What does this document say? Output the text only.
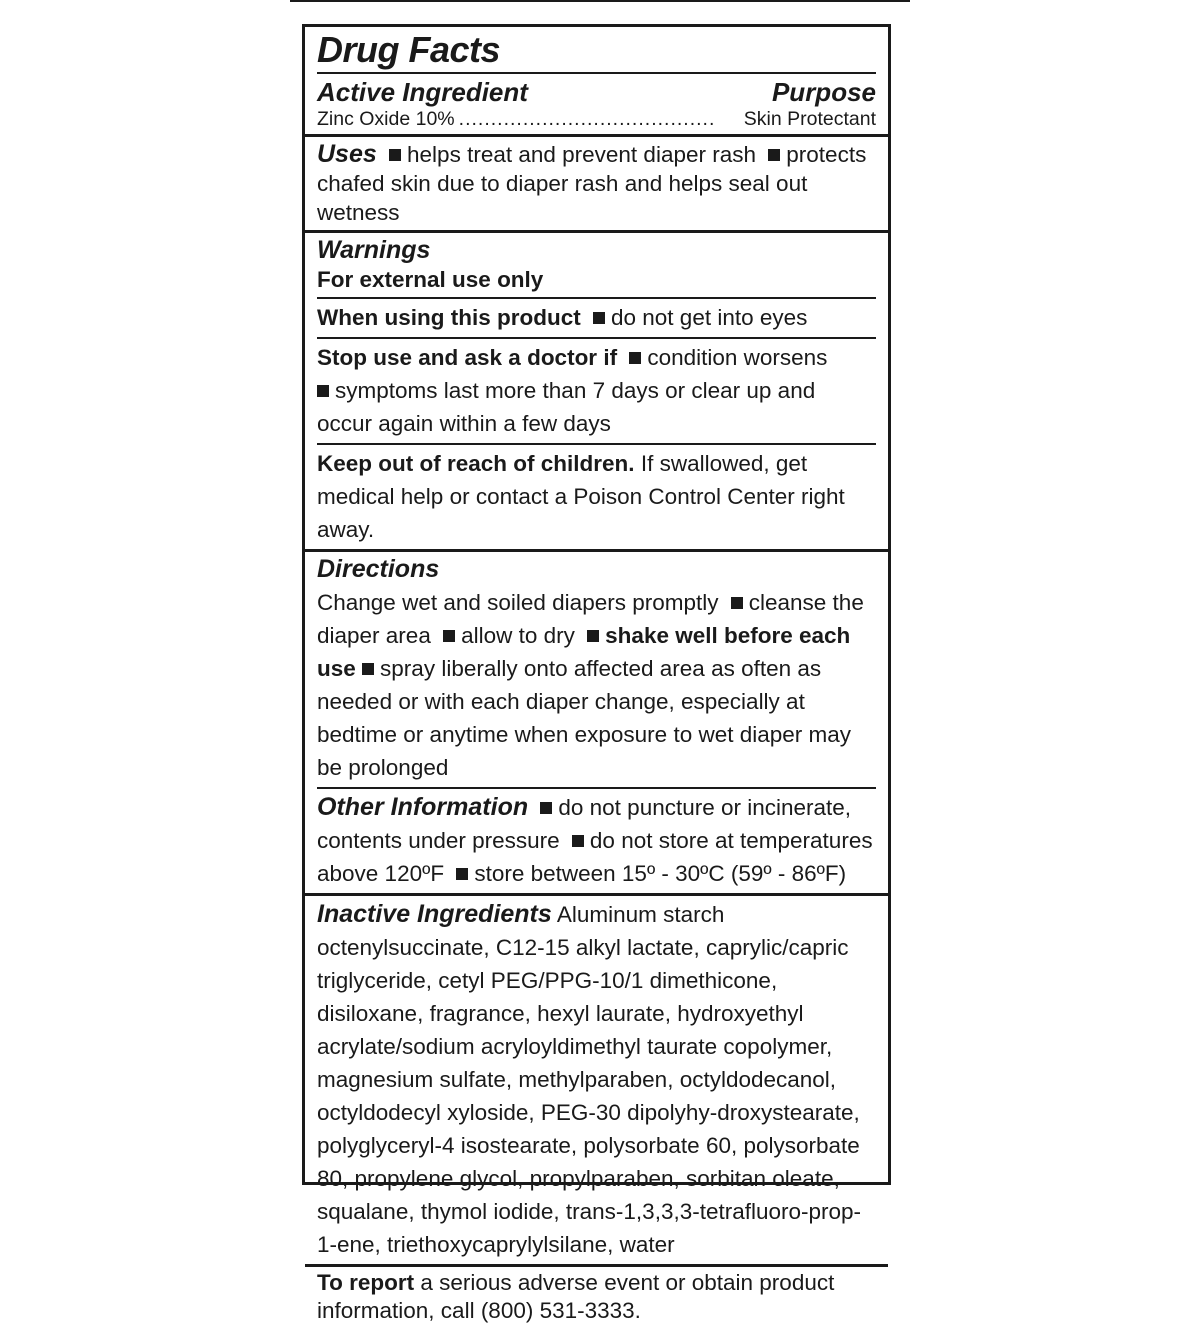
Drug Facts
Active Ingredient	Purpose
Zinc Oxide 10% ........................................	Skin Protectant
Uses helps treat and prevent diaper rash protects chafed skin due to diaper rash and helps seal out wetness
Warnings
For external use only
When using this product do not get into eyes
Stop use and ask a doctor if condition worsens
symptoms last more than 7 days or clear up and occur again within a few days
Keep out of reach of children. If swallowed, get medical help or contact a Poison Control Center right away.
Directions
Change wet and soiled diapers promptly cleanse the diaper area allow to dry shake well before each use spray liberally onto affected area as often as needed or with each diaper change, especially at bedtime or anytime when exposure to wet diaper may be prolonged
Other Information do not puncture or incinerate, contents under pressure do not store at temperatures above 120ºF store between 15º - 30ºC (59º - 86ºF)
Inactive Ingredients Aluminum starch octenylsuccinate, C12-15 alkyl lactate, caprylic/capric triglyceride, cetyl PEG/PPG-10/1 dimethicone, disiloxane, fragrance, hexyl laurate, hydroxyethyl acrylate/sodium acryloyldimethyl taurate copolymer, magnesium sulfate, methylparaben, octyldodecanol, octyldodecyl xyloside, PEG-30 dipolyhy-droxystearate, polyglyceryl-4 isostearate, polysorbate 60, polysorbate 80, propylene glycol, propylparaben, sorbitan oleate, squalane, thymol iodide, trans-1,3,3,3-tetrafluoro-prop-1-ene, triethoxycaprylylsilane, water
To report a serious adverse event or obtain product information, call (800) 531-3333.
